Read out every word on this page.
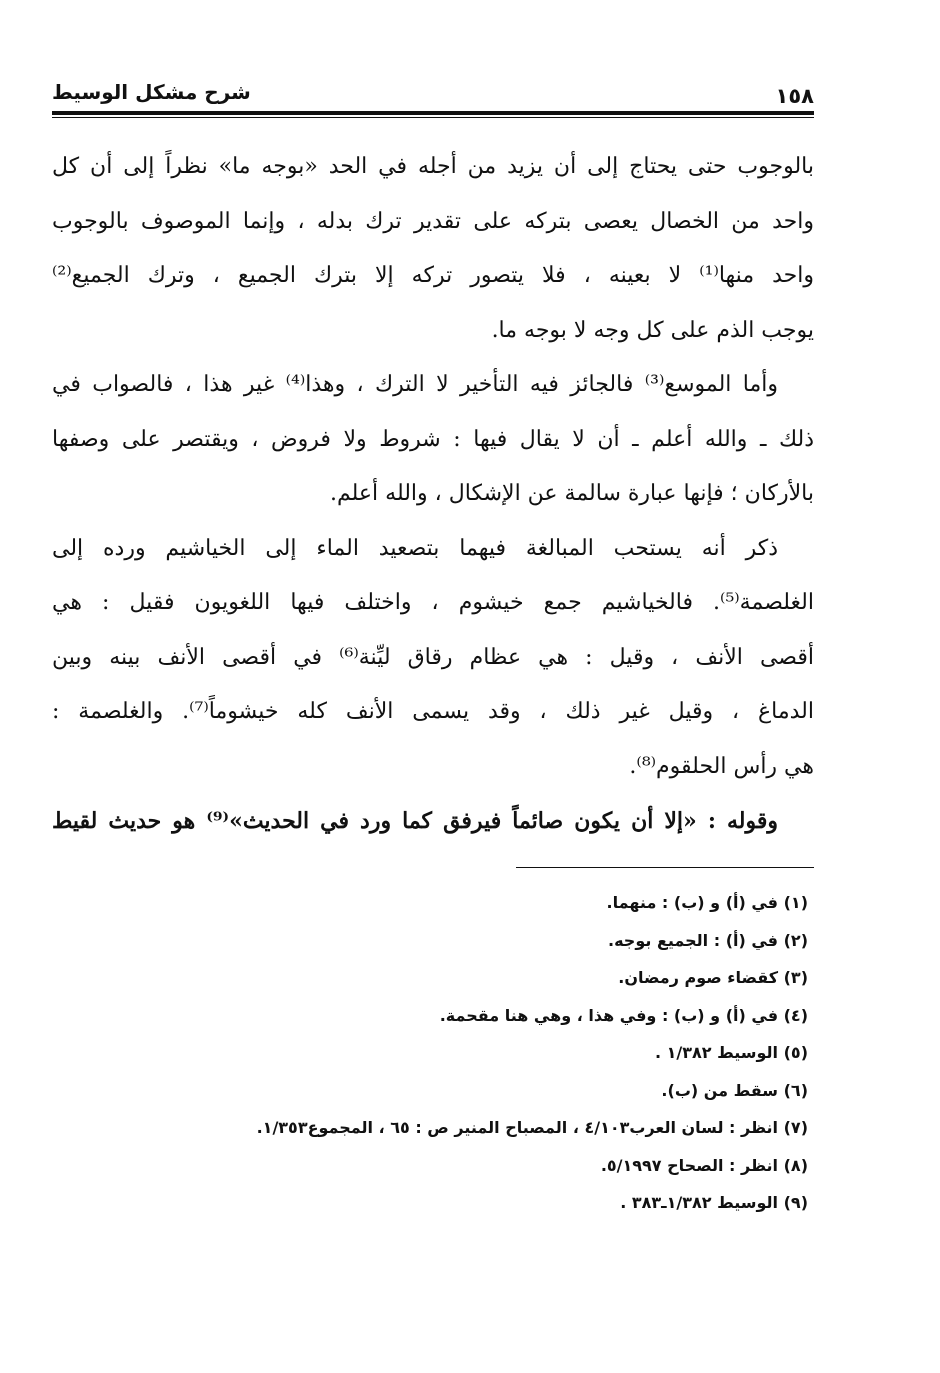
١٥٨
شرح مشكل الوسيط
بالوجوب حتى يحتاج إلى أن يزيد من أجله في الحد «بوجه ما» نظراً إلى أن كل
واحد من الخصال يعصى بتركه على تقدير ترك بدله ، وإنما الموصوف بالوجوب
واحد منها⁽¹⁾ لا بعينه ، فلا يتصور تركه إلا بترك الجميع ، وترك الجميع⁽²⁾
يوجب الذم على كل وجه لا بوجه ما.
وأما الموسع⁽³⁾ فالجائز فيه التأخير لا الترك ، وهذا⁽⁴⁾ غير هذا ، فالصواب في
ذلك ـ والله أعلم ـ أن لا يقال فيها : شروط ولا فروض ، ويقتصر على وصفها
بالأركان ؛ فإنها عبارة سالمة عن الإشكال ، والله أعلم.
ذكر أنه يستحب المبالغة فيهما بتصعيد الماء إلى الخياشيم ورده إلى
الغلصمة⁽⁵⁾. فالخياشيم جمع خيشوم ، واختلف فيها اللغويون فقيل : هي
أقصى الأنف ، وقيل : هي عظام رقاق ليِّنة⁽⁶⁾ في أقصى الأنف بينه وبين
الدماغ ، وقيل غير ذلك ، وقد يسمى الأنف كله خيشوماً⁽⁷⁾. والغلصمة :
هي رأس الحلقوم⁽⁸⁾.
وقوله : «إلا أن يكون صائماً فيرفق كما ورد في الحديث»⁽⁹⁾ هو حديث لقيط
(١) في (أ) و (ب) : منهما.
(٢) في (أ) : الجميع بوجه.
(٣) كقضاء صوم رمضان.
(٤) في (أ) و (ب) : وفي هذا ، وهي هنا مقحمة.
(٥) الوسيط ١/٣٨٢ .
(٦) سقط من (ب).
(٧) انظر : لسان العرب٤/١٠٣ ، المصباح المنير ص : ٦٥ ، المجموع١/٣٥٣.
(٨) انظر : الصحاح ٥/١٩٩٧.
(٩) الوسيط ١/٣٨٢ـ٣٨٣ .
